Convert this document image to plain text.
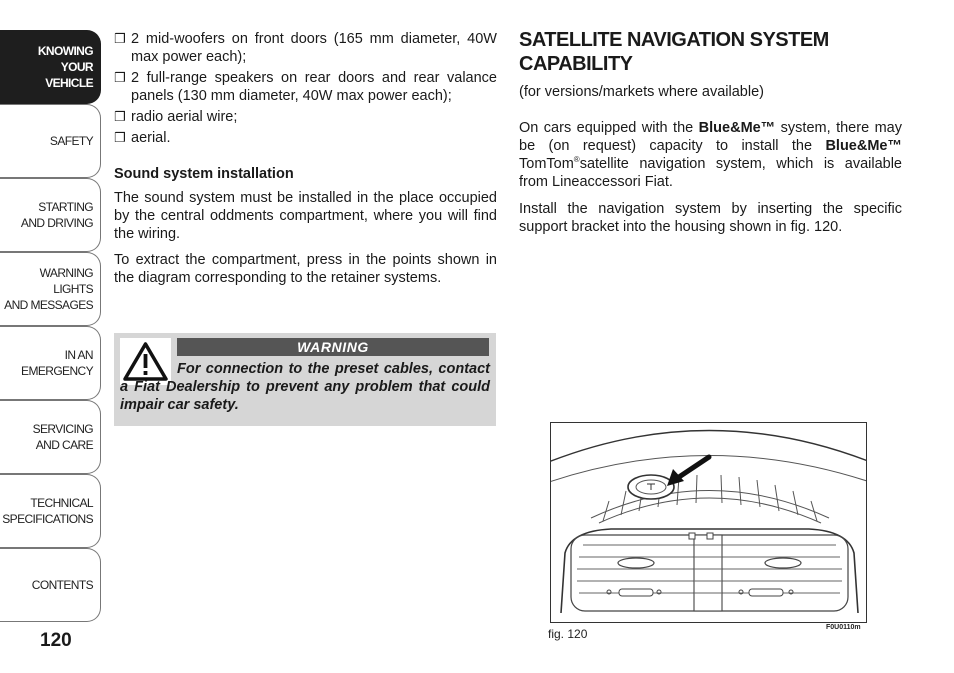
KNOWING
YOUR
VEHICLE
SAFETY
STARTING
AND DRIVING
WARNING LIGHTS
AND MESSAGES
IN AN
EMERGENCY
SERVICING
AND CARE
TECHNICAL
SPECIFICATIONS
CONTENTS
120
❒ 2 mid-woofers on front doors (165 mm diameter, 40W max power each);
❒ 2 full-range speakers on rear doors and rear valance panels (130 mm diameter, 40W max power each);
❒ radio aerial wire;
❒ aerial.
Sound system installation

The sound system must be installed in the place occupied by the central oddments compartment, where you will find the wiring.

To extract the compartment, press in the points shown in the diagram corresponding to the retainer systems.

WARNING
For connection to the preset cables, contact a Fiat Dealership to prevent any problem that could impair car safety.
SATELLITE NAVIGATION SYSTEM CAPABILITY

(for versions/markets where available)

On cars equipped with the Blue&Me™ system, there may be (on request) capacity to install the Blue&Me™ TomTom®satellite navigation system, which is available from Lineaccessori Fiat.

Install the navigation system by inserting the specific support bracket into the housing shown in fig. 120.

fig. 120	F0U0110m
